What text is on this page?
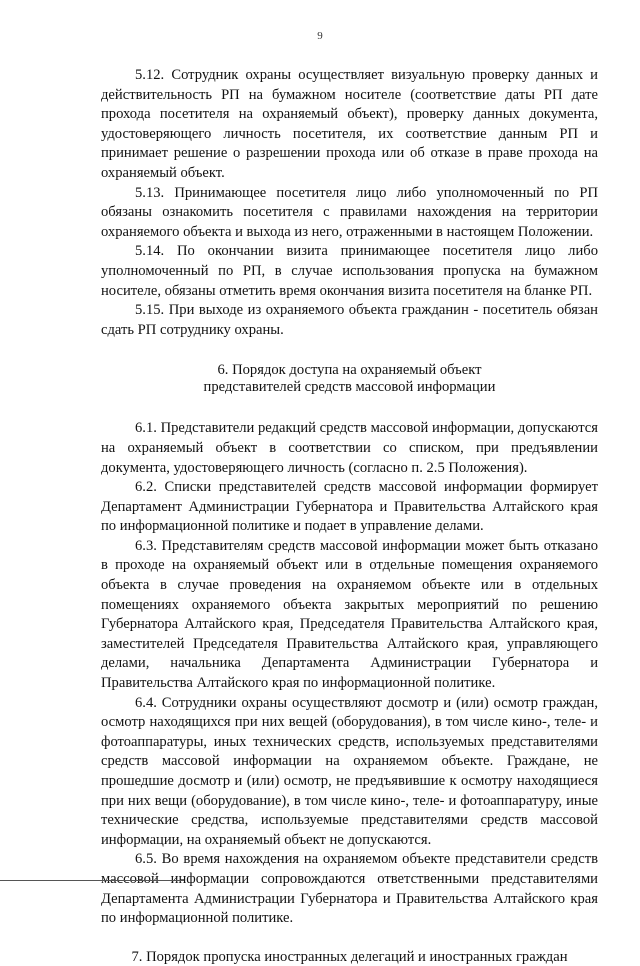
9

5.12. Сотрудник охраны осуществляет визуальную проверку данных и действительность РП на бумажном носителе (соответствие даты РП дате прохода посетителя на охраняемый объект), проверку данных документа, удостоверяющего личность посетителя, их соответствие данным РП и принимает решение о разрешении прохода или об отказе в праве прохода на охраняемый объект.

5.13. Принимающее посетителя лицо либо уполномоченный по РП обязаны ознакомить посетителя с правилами нахождения на территории охраняемого объекта и выхода из него, отраженными в настоящем Положении.

5.14. По окончании визита принимающее посетителя лицо либо уполномоченный по РП, в случае использования пропуска на бумажном носителе, обязаны отметить время окончания визита посетителя на бланке РП.

5.15. При выходе из охраняемого объекта гражданин - посетитель обязан сдать РП сотруднику охраны.

6. Порядок доступа на охраняемый объект
представителей средств массовой информации

6.1. Представители редакций средств массовой информации, допускаются на охраняемый объект в соответствии со списком, при предъявлении документа, удостоверяющего личность (согласно п. 2.5 Положения).

6.2. Списки представителей средств массовой информации формирует Департамент Администрации Губернатора и Правительства Алтайского края по информационной политике и подает в управление делами.

6.3. Представителям средств массовой информации может быть отказано в проходе на охраняемый объект или в отдельные помещения охраняемого объекта в случае проведения на охраняемом объекте или в отдельных помещениях охраняемого объекта закрытых мероприятий по решению Губернатора Алтайского края, Председателя Правительства Алтайского края, заместителей Председателя Правительства Алтайского края, управляющего делами, начальника Департамента Администрации Губернатора и Правительства Алтайского края по информационной политике.

6.4. Сотрудники охраны осуществляют досмотр и (или) осмотр граждан, осмотр находящихся при них вещей (оборудования), в том числе кино-, теле- и фотоаппаратуры, иных технических средств, используемых представителями средств массовой информации на охраняемом объекте. Граждане, не прошедшие досмотр и (или) осмотр, не предъявившие к осмотру находящиеся при них вещи (оборудование), в том числе кино-, теле- и фотоаппаратуру, иные технические средства, используемые представителями средств массовой информации, на охраняемый объект не допускаются.

6.5. Во время нахождения на охраняемом объекте представители средств массовой информации сопровождаются ответственными представителями Департамента Администрации Губернатора и Правительства Алтайского края по информационной политике.

7. Порядок пропуска иностранных делегаций и иностранных граждан
